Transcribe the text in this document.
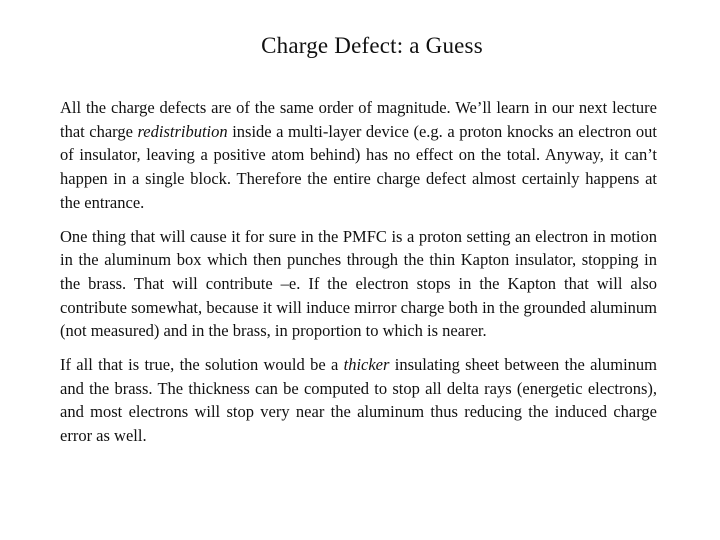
Charge Defect: a Guess

All the charge defects are of the same order of magnitude. We’ll learn in our next lecture that charge redistribution inside a multi-layer device (e.g. a proton knocks an electron out of insulator, leaving a positive atom behind) has no effect on the total. Anyway, it can’t happen in a single block. Therefore the entire charge defect almost certainly happens at the entrance.

One thing that will cause it for sure in the PMFC is a proton setting an electron in motion in the aluminum box which then punches through the thin Kapton insulator, stopping in the brass. That will contribute –e. If the electron stops in the Kapton that will also contribute somewhat, because it will induce mirror charge both in the grounded aluminum (not measured) and in the brass, in proportion to which is nearer.

If all that is true, the solution would be a thicker insulating sheet between the aluminum and the brass. The thickness can be computed to stop all delta rays (energetic electrons), and most electrons will stop very near the aluminum thus reducing the induced charge error as well.
